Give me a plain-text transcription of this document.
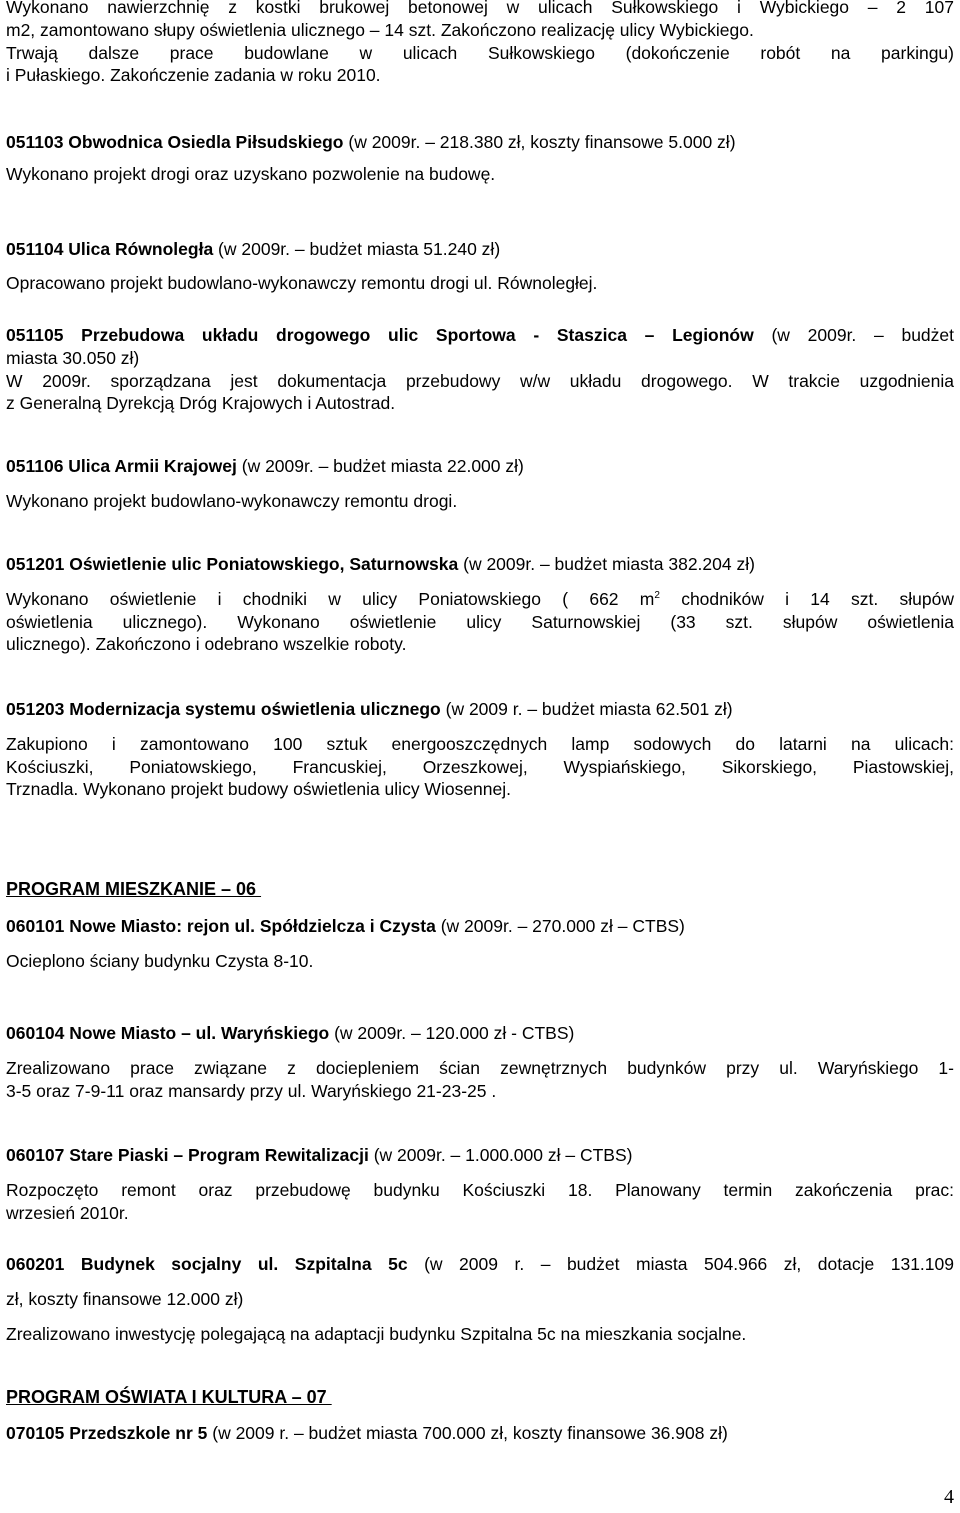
Wykonano nawierzchnię z kostki brukowej betonowej w ulicach Sułkowskiego i Wybickiego – 2 107

m2, zamontowano słupy oświetlenia ulicznego – 14 szt. Zakończono realizację ulicy Wybickiego.

Trwają dalsze prace budowlane w ulicach Sułkowskiego (dokończenie robót na parkingu)

i Pułaskiego. Zakończenie zadania w roku 2010.

051103 Obwodnica Osiedla Piłsudskiego (w 2009r. – 218.380 zł, koszty finansowe 5.000 zł)

Wykonano projekt drogi oraz uzyskano pozwolenie na budowę.

051104 Ulica Równoległa (w 2009r. – budżet miasta 51.240 zł)

Opracowano projekt budowlano-wykonawczy remontu drogi ul. Równoległej.

051105 Przebudowa układu drogowego ulic Sportowa - Staszica – Legionów (w 2009r. – budżet

miasta 30.050 zł)

W 2009r. sporządzana jest dokumentacja przebudowy w/w układu drogowego. W trakcie uzgodnienia

z Generalną Dyrekcją Dróg Krajowych i Autostrad.

051106 Ulica Armii Krajowej (w 2009r. – budżet miasta 22.000 zł)

Wykonano projekt budowlano-wykonawczy remontu drogi.

051201 Oświetlenie ulic Poniatowskiego, Saturnowska (w 2009r. – budżet miasta 382.204 zł)

Wykonano oświetlenie i chodniki w ulicy Poniatowskiego ( 662 $m^2$ chodników i 14 szt. słupów

oświetlenia ulicznego). Wykonano oświetlenie ulicy Saturnowskiej (33 szt. słupów oświetlenia

ulicznego). Zakończono i odebrano wszelkie roboty.

051203 Modernizacja systemu oświetlenia ulicznego (w 2009 r. – budżet miasta 62.501 zł)

Zakupiono i zamontowano 100 sztuk energooszczędnych lamp sodowych do latarni na ulicach:

Kościuszki, Poniatowskiego, Francuskiej, Orzeszkowej, Wyspiańskiego, Sikorskiego, Piastowskiej,

Trznadla. Wykonano projekt budowy oświetlenia ulicy Wiosennej.

PROGRAM MIESZKANIE – 06

060101 Nowe Miasto: rejon ul. Spółdzielcza i Czysta (w 2009r. – 270.000 zł – CTBS)

Ocieplono ściany budynku Czysta 8-10.

060104 Nowe Miasto – ul. Waryńskiego (w 2009r. – 120.000 zł - CTBS)

Zrealizowano prace związane z dociepleniem ścian zewnętrznych budynków przy ul. Waryńskiego 1-

3-5 oraz 7-9-11 oraz mansardy przy ul. Waryńskiego 21-23-25 .

060107 Stare Piaski – Program Rewitalizacji (w 2009r. – 1.000.000 zł – CTBS)

Rozpoczęto remont oraz przebudowę budynku Kościuszki 18. Planowany termin zakończenia prac:

wrzesień 2010r.

060201 Budynek socjalny ul. Szpitalna 5c (w 2009 r. – budżet miasta 504.966 zł, dotacje 131.109

zł, koszty finansowe 12.000 zł)

Zrealizowano inwestycję polegającą na adaptacji budynku Szpitalna 5c na mieszkania socjalne.

PROGRAM OŚWIATA I KULTURA – 07

070105 Przedszkole nr 5 (w 2009 r. – budżet miasta 700.000 zł, koszty finansowe 36.908 zł)

4
